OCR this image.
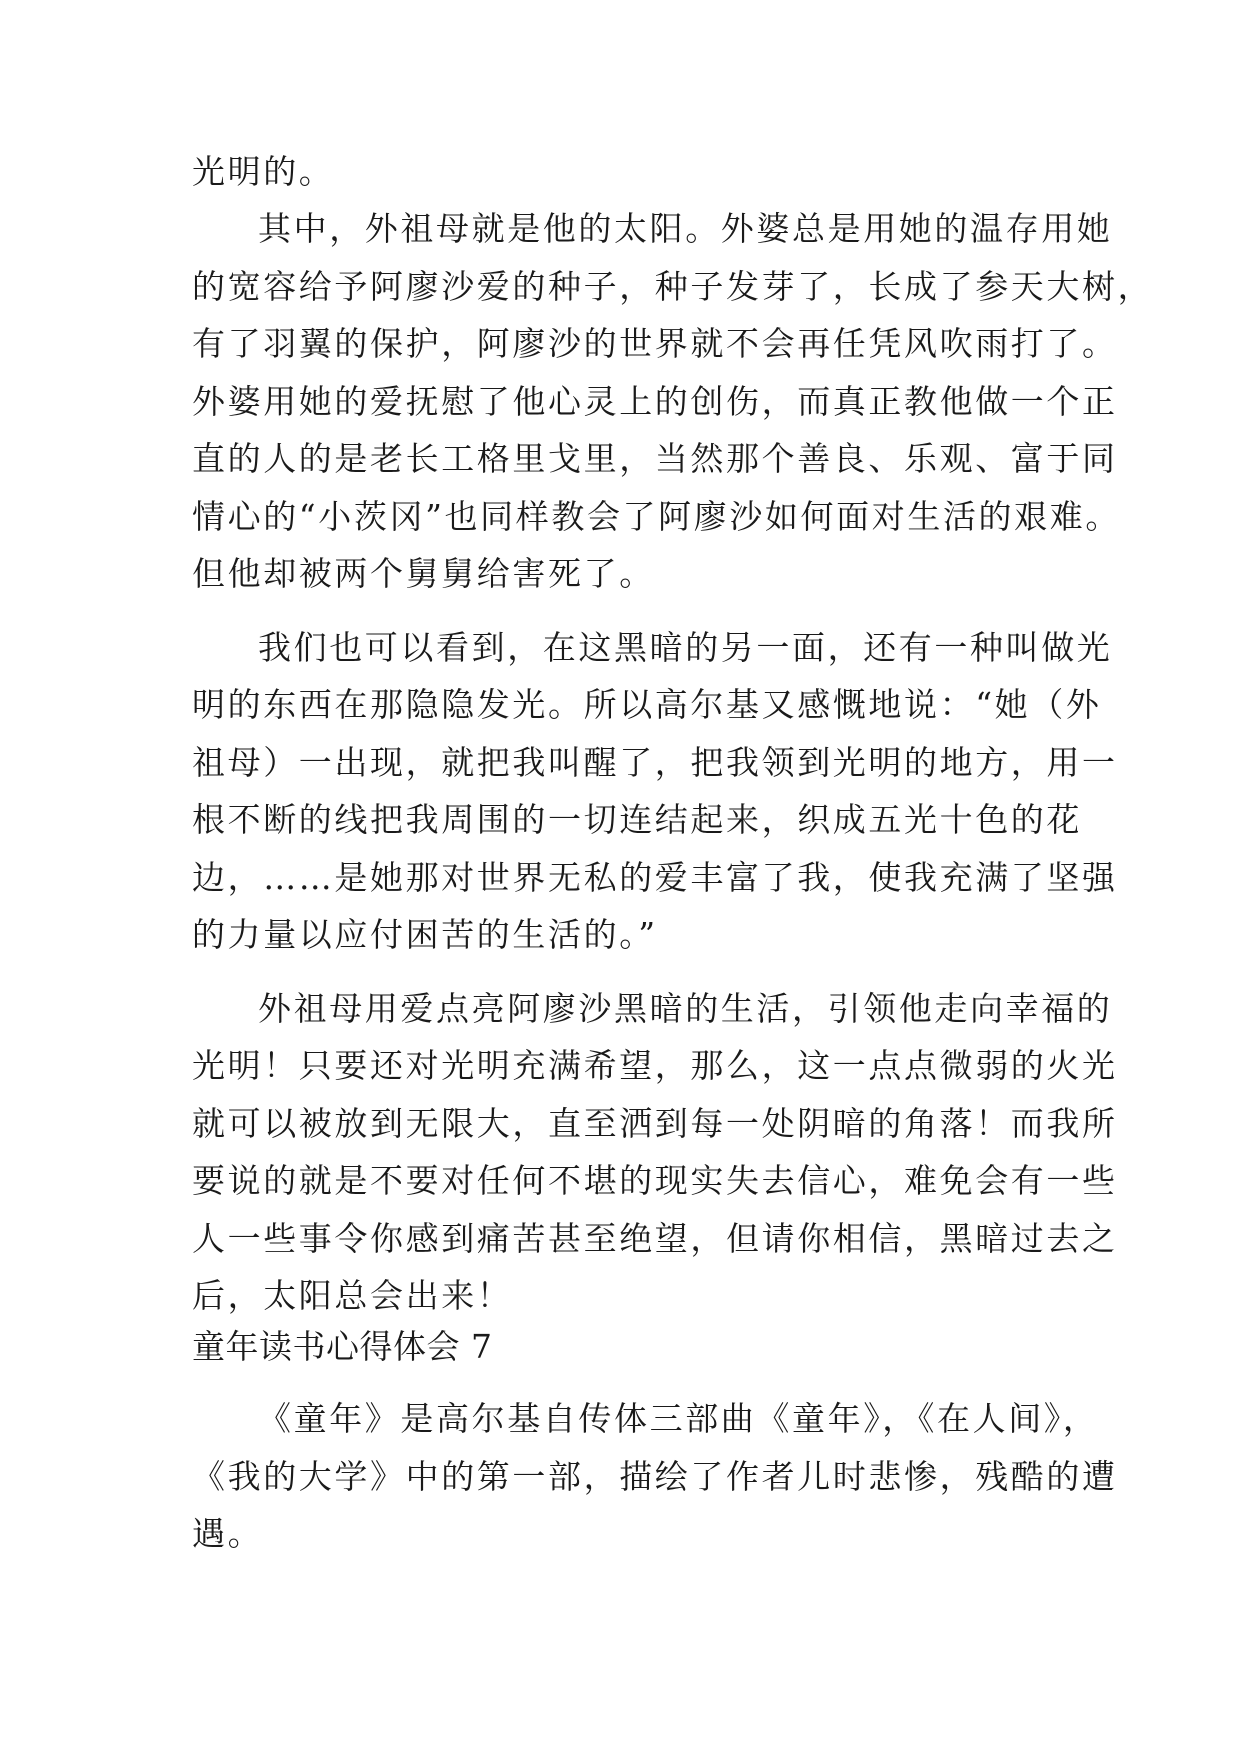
光明的。
其中，外祖母就是他的太阳。外婆总是用她的温存用她
的宽容给予阿廖沙爱的种子，种子发芽了，长成了参天大树，
有了羽翼的保护，阿廖沙的世界就不会再任凭风吹雨打了。
外婆用她的爱抚慰了他心灵上的创伤，而真正教他做一个正
直的人的是老长工格里戈里，当然那个善良、乐观、富于同
情心的“小茨冈”也同样教会了阿廖沙如何面对生活的艰难。
但他却被两个舅舅给害死了。
我们也可以看到，在这黑暗的另一面，还有一种叫做光
明的东西在那隐隐发光。所以高尔基又感慨地说：“她（外
祖母）一出现，就把我叫醒了，把我领到光明的地方，用一
根不断的线把我周围的一切连结起来，织成五光十色的花
边，……是她那对世界无私的爱丰富了我，使我充满了坚强
的力量以应付困苦的生活的。”
外祖母用爱点亮阿廖沙黑暗的生活，引领他走向幸福的
光明！只要还对光明充满希望，那么，这一点点微弱的火光
就可以被放到无限大，直至洒到每一处阴暗的角落！而我所
要说的就是不要对任何不堪的现实失去信心，难免会有一些
人一些事令你感到痛苦甚至绝望，但请你相信，黑暗过去之
后，太阳总会出来！
童年读书心得体会 7
《童年》是高尔基自传体三部曲《童年》，《在人间》，
《我的大学》中的第一部，描绘了作者儿时悲惨，残酷的遭
遇。
